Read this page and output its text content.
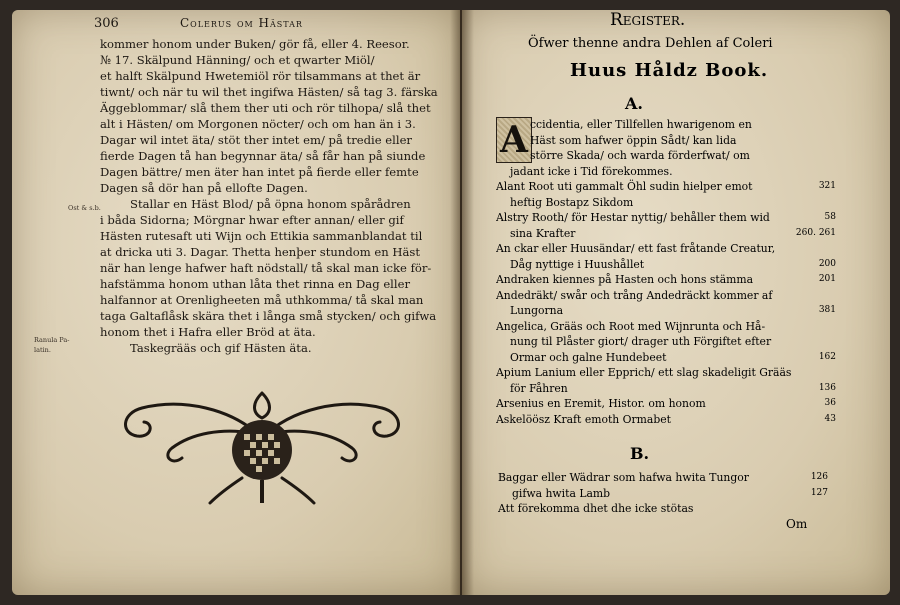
306	Colerus om Hästar
Ost & s.b.
Ranula Pa-
latin.
kommer honom under Buken/ gör få, eller 4. Reesor.
№ 17. Skälpund Hänning/ och et qwarter Miöl/
et halft Skälpund Hwetemiöl rör tilsammans at thet är
tiwnt/ och när tu wil thet ingifwa Hästen/ så tag 3. färska
Äggeblommar/ slå them ther uti och rör tilhopa/ slå thet
alt i Hästen/ om Morgonen nöcter/ och om han än i 3.
Dagar wil intet äta/ stöt ther intet em/ på tredie eller
fierde Dagen tå han begynnar äta/ så får han på siunde
Dagen bättre/ men äter han intet på fierde eller femte
Dagen så dör han på ellofte Dagen.
Stallar en Häst Blod/ på öpna honom spårådren
i båda Sidorna; Mörgnar hwar efter annan/ eller gif
Hästen rutesaft uti Wijn och Ettikia sammanblandat til
at dricka uti 3. Dagar. Thetta henþer stundom en Häst
när han lenge hafwer haft nödstall/ tå skal man icke för-
hafstämma honom uthan låta thet rinna en Dag eller
halfannor at Orenligheeten må uthkomma/ tå skal man
taga Galtaflåsk skära thet i långa små stycken/ och gifwa
honom thet i Hafra eller Bröd at äta.
Taskegrääs och gif Hästen äta.
Register.
Öfwer thenne andra Dehlen af Coleri
Huus Håldz Book.
A.
A ccidentia, eller Tillfellen hwarigenom en
Häst som hafwer öppin Sådt/ kan lida
större Skada/ och warda förderfwat/ om
jadant icke i Tid förekommes.
Alant Root uti gammalt Öhl sudin hielper emot	321
heftig Bostapz Sikdom
Alstry Rooth/ för Hestar nyttig/ behåller them wid	58
sina Krafter	260. 261
An ckar eller Huusändar/ ett fast fråtande Creatur,
Dåg nyttige i Huushållet	200
Andraken kiennes på Hasten och hons stämma	201
Andedräkt/ swår och trång Andedräckt kommer af
Lungorna	381
Angelica, Grääs och Root med Wijnrunta och Hå-
nung til Plåster giort/ drager uth Förgiftet efter
Ormar och galne Hundebeet	162
Apium Lanium eller Epprich/ ett slag skadeligit Grääs
för Fåhren	136
Arsenius en Eremit, Histor. om honom	36
Askelöösz Kraft emoth Ormabet	43
B.
Baggar eller Wädrar som hafwa hwita Tungor	126
gifwa hwita Lamb	127
Att förekomma dhet dhe icke stötas
Om
